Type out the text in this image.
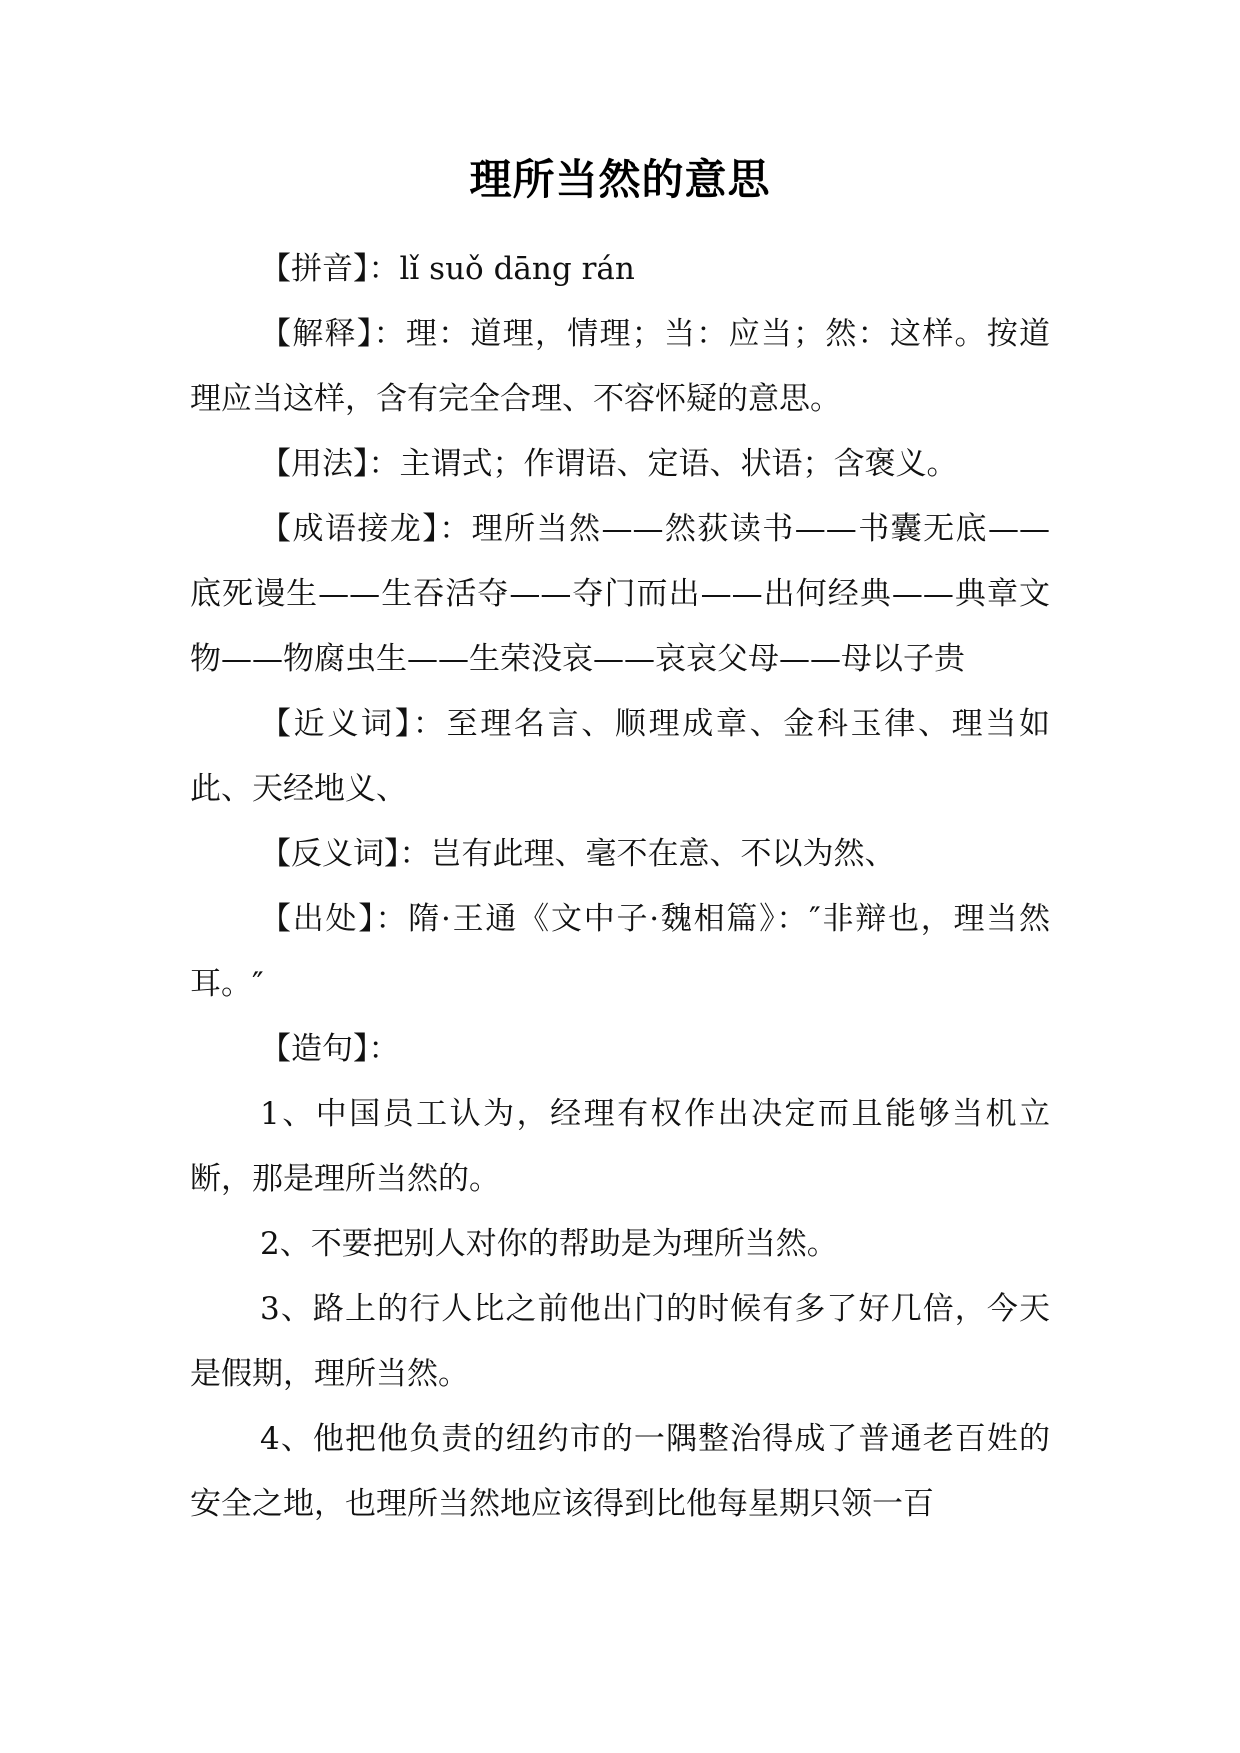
理所当然的意思

【拼音】：lǐ suǒ dāng rán

【解释】：理：道理，情理；当：应当；然：这样。按道理应当这样，含有完全合理、不容怀疑的意思。

【用法】：主谓式；作谓语、定语、状语；含褒义。

【成语接龙】：理所当然——然荻读书——书囊无底——底死谩生——生吞活夺——夺门而出——出何经典——典章文物——物腐虫生——生荣没哀——哀哀父母——母以子贵

【近义词】：至理名言、顺理成章、金科玉律、理当如此、天经地义、

【反义词】：岂有此理、毫不在意、不以为然、

【出处】：隋·王通《文中子·魏相篇》：″非辩也，理当然耳。″

【造句】：

1、中国员工认为，经理有权作出决定而且能够当机立断，那是理所当然的。

2、不要把别人对你的帮助是为理所当然。

3、路上的行人比之前他出门的时候有多了好几倍，今天是假期，理所当然。

4、他把他负责的纽约市的一隅整治得成了普通老百姓的安全之地，也理所当然地应该得到比他每星期只领一百
